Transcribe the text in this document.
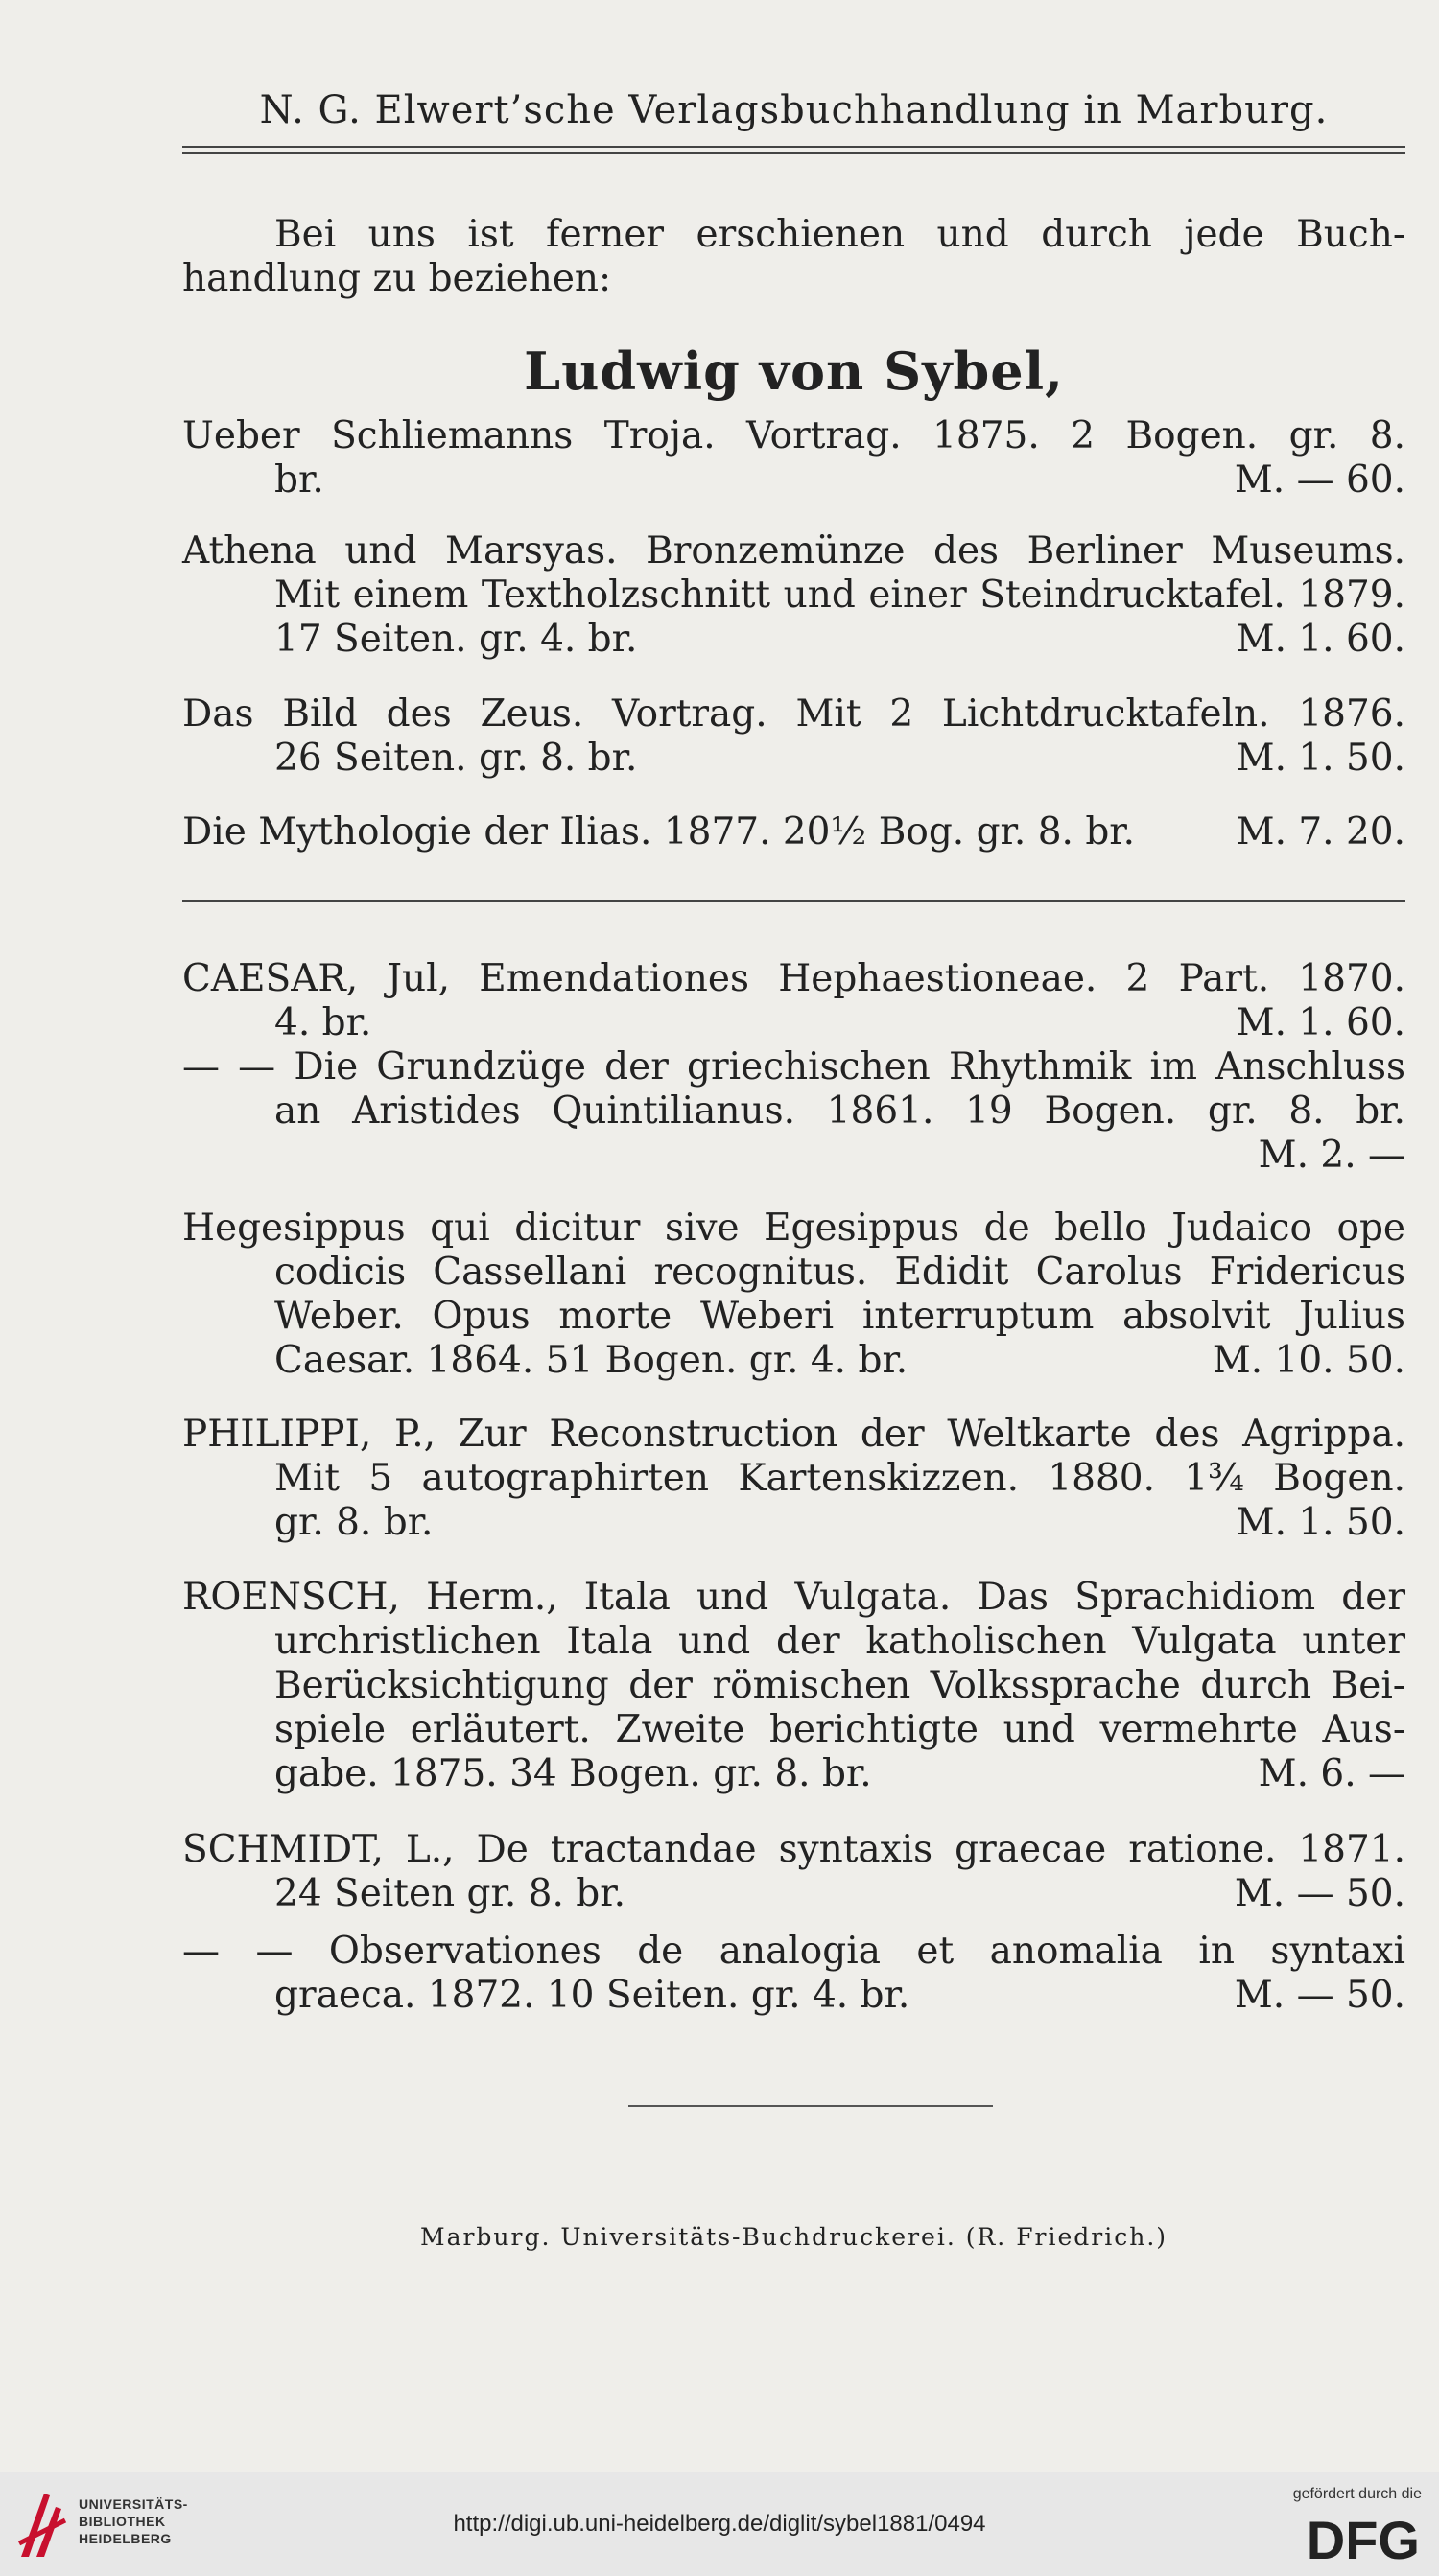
N. G. Elwert’sche Verlagsbuchhandlung in Marburg.
Bei uns ist ferner erschienen und durch jede Buch-
handlung zu beziehen:
Ludwig von Sybel,
Ueber Schliemanns Troja. Vortrag. 1875. 2 Bogen. gr. 8.
br.	M. — 60.
Athena und Marsyas. Bronzemünze des Berliner Museums.
Mit einem Textholzschnitt und einer Steindrucktafel. 1879.
17 Seiten. gr. 4. br.	M. 1. 60.
Das Bild des Zeus. Vortrag. Mit 2 Lichtdrucktafeln. 1876.
26 Seiten. gr. 8. br.	M. 1. 50.
Die Mythologie der Ilias. 1877. 20½ Bog. gr. 8. br.	M. 7. 20.
CAESAR, Jul, Emendationes Hephaestioneae. 2 Part. 1870.
4. br.	M. 1. 60.
— — Die Grundzüge der griechischen Rhythmik im Anschluss
an Aristides Quintilianus. 1861. 19 Bogen. gr. 8. br.
M. 2. —
Hegesippus qui dicitur sive Egesippus de bello Judaico ope
codicis Cassellani recognitus. Edidit Carolus Fridericus
Weber. Opus morte Weberi interruptum absolvit Julius
Caesar. 1864. 51 Bogen. gr. 4. br.	M. 10. 50.
PHILIPPI, P., Zur Reconstruction der Weltkarte des Agrippa.
Mit 5 autographirten Kartenskizzen. 1880. 1¾ Bogen.
gr. 8. br.	M. 1. 50.
ROENSCH, Herm., Itala und Vulgata. Das Sprachidiom der
urchristlichen Itala und der katholischen Vulgata unter
Berücksichtigung der römischen Volkssprache durch Bei-
spiele erläutert. Zweite berichtigte und vermehrte Aus-
gabe. 1875. 34 Bogen. gr. 8. br.	M. 6. —
SCHMIDT, L., De tractandae syntaxis graecae ratione. 1871.
24 Seiten gr. 8. br.	M. — 50.
— — Observationes de analogia et anomalia in syntaxi
graeca. 1872. 10 Seiten. gr. 4. br.	M. — 50.
Marburg. Universitäts-Buchdruckerei. (R. Friedrich.)
UNIVERSITÄTS-
BIBLIOTHEK
HEIDELBERG
http://digi.ub.uni-heidelberg.de/diglit/sybel1881/0494
gefördert durch die
DFG
